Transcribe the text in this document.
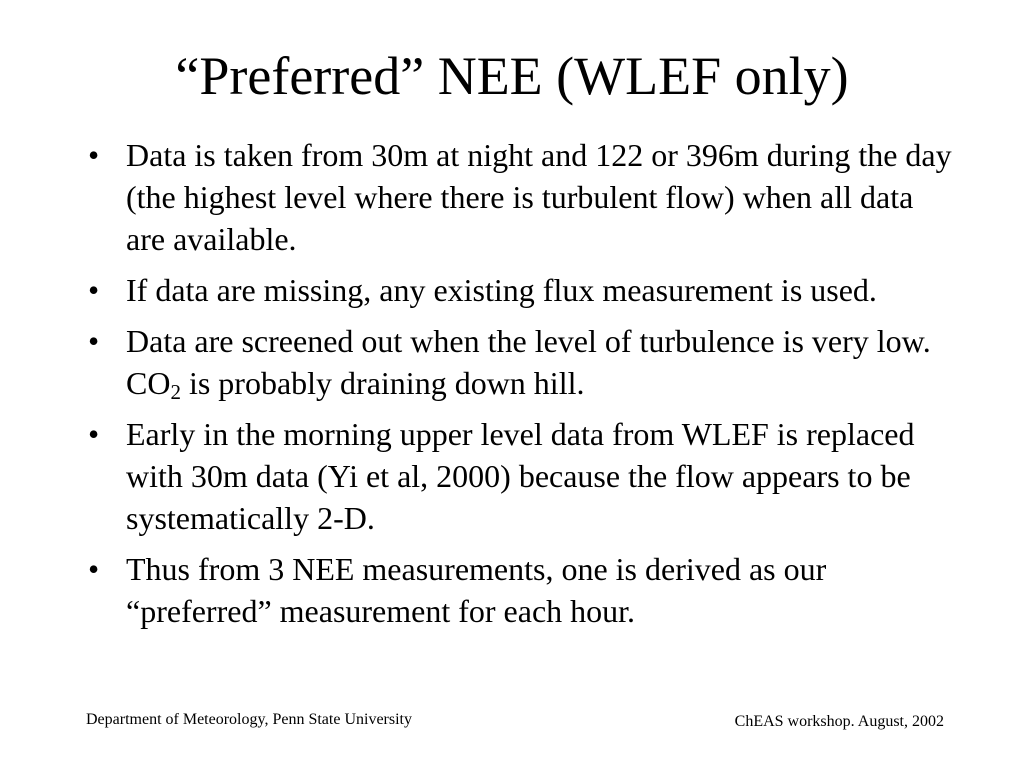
“Preferred” NEE (WLEF only)
• Data is taken from 30m at night and 122 or 396m during the day (the highest level where there is turbulent flow) when all data are available.
• If data are missing, any existing flux measurement is used.
• Data are screened out when the level of turbulence is very low. $CO_2$ is probably draining down hill.
• Early in the morning upper level data from WLEF is replaced with 30m data (Yi et al, 2000) because the flow appears to be systematically 2-D.
• Thus from 3 NEE measurements, one is derived as our “preferred” measurement for each hour.
Department of Meteorology, Penn State University	ChEAS workshop. August, 2002
